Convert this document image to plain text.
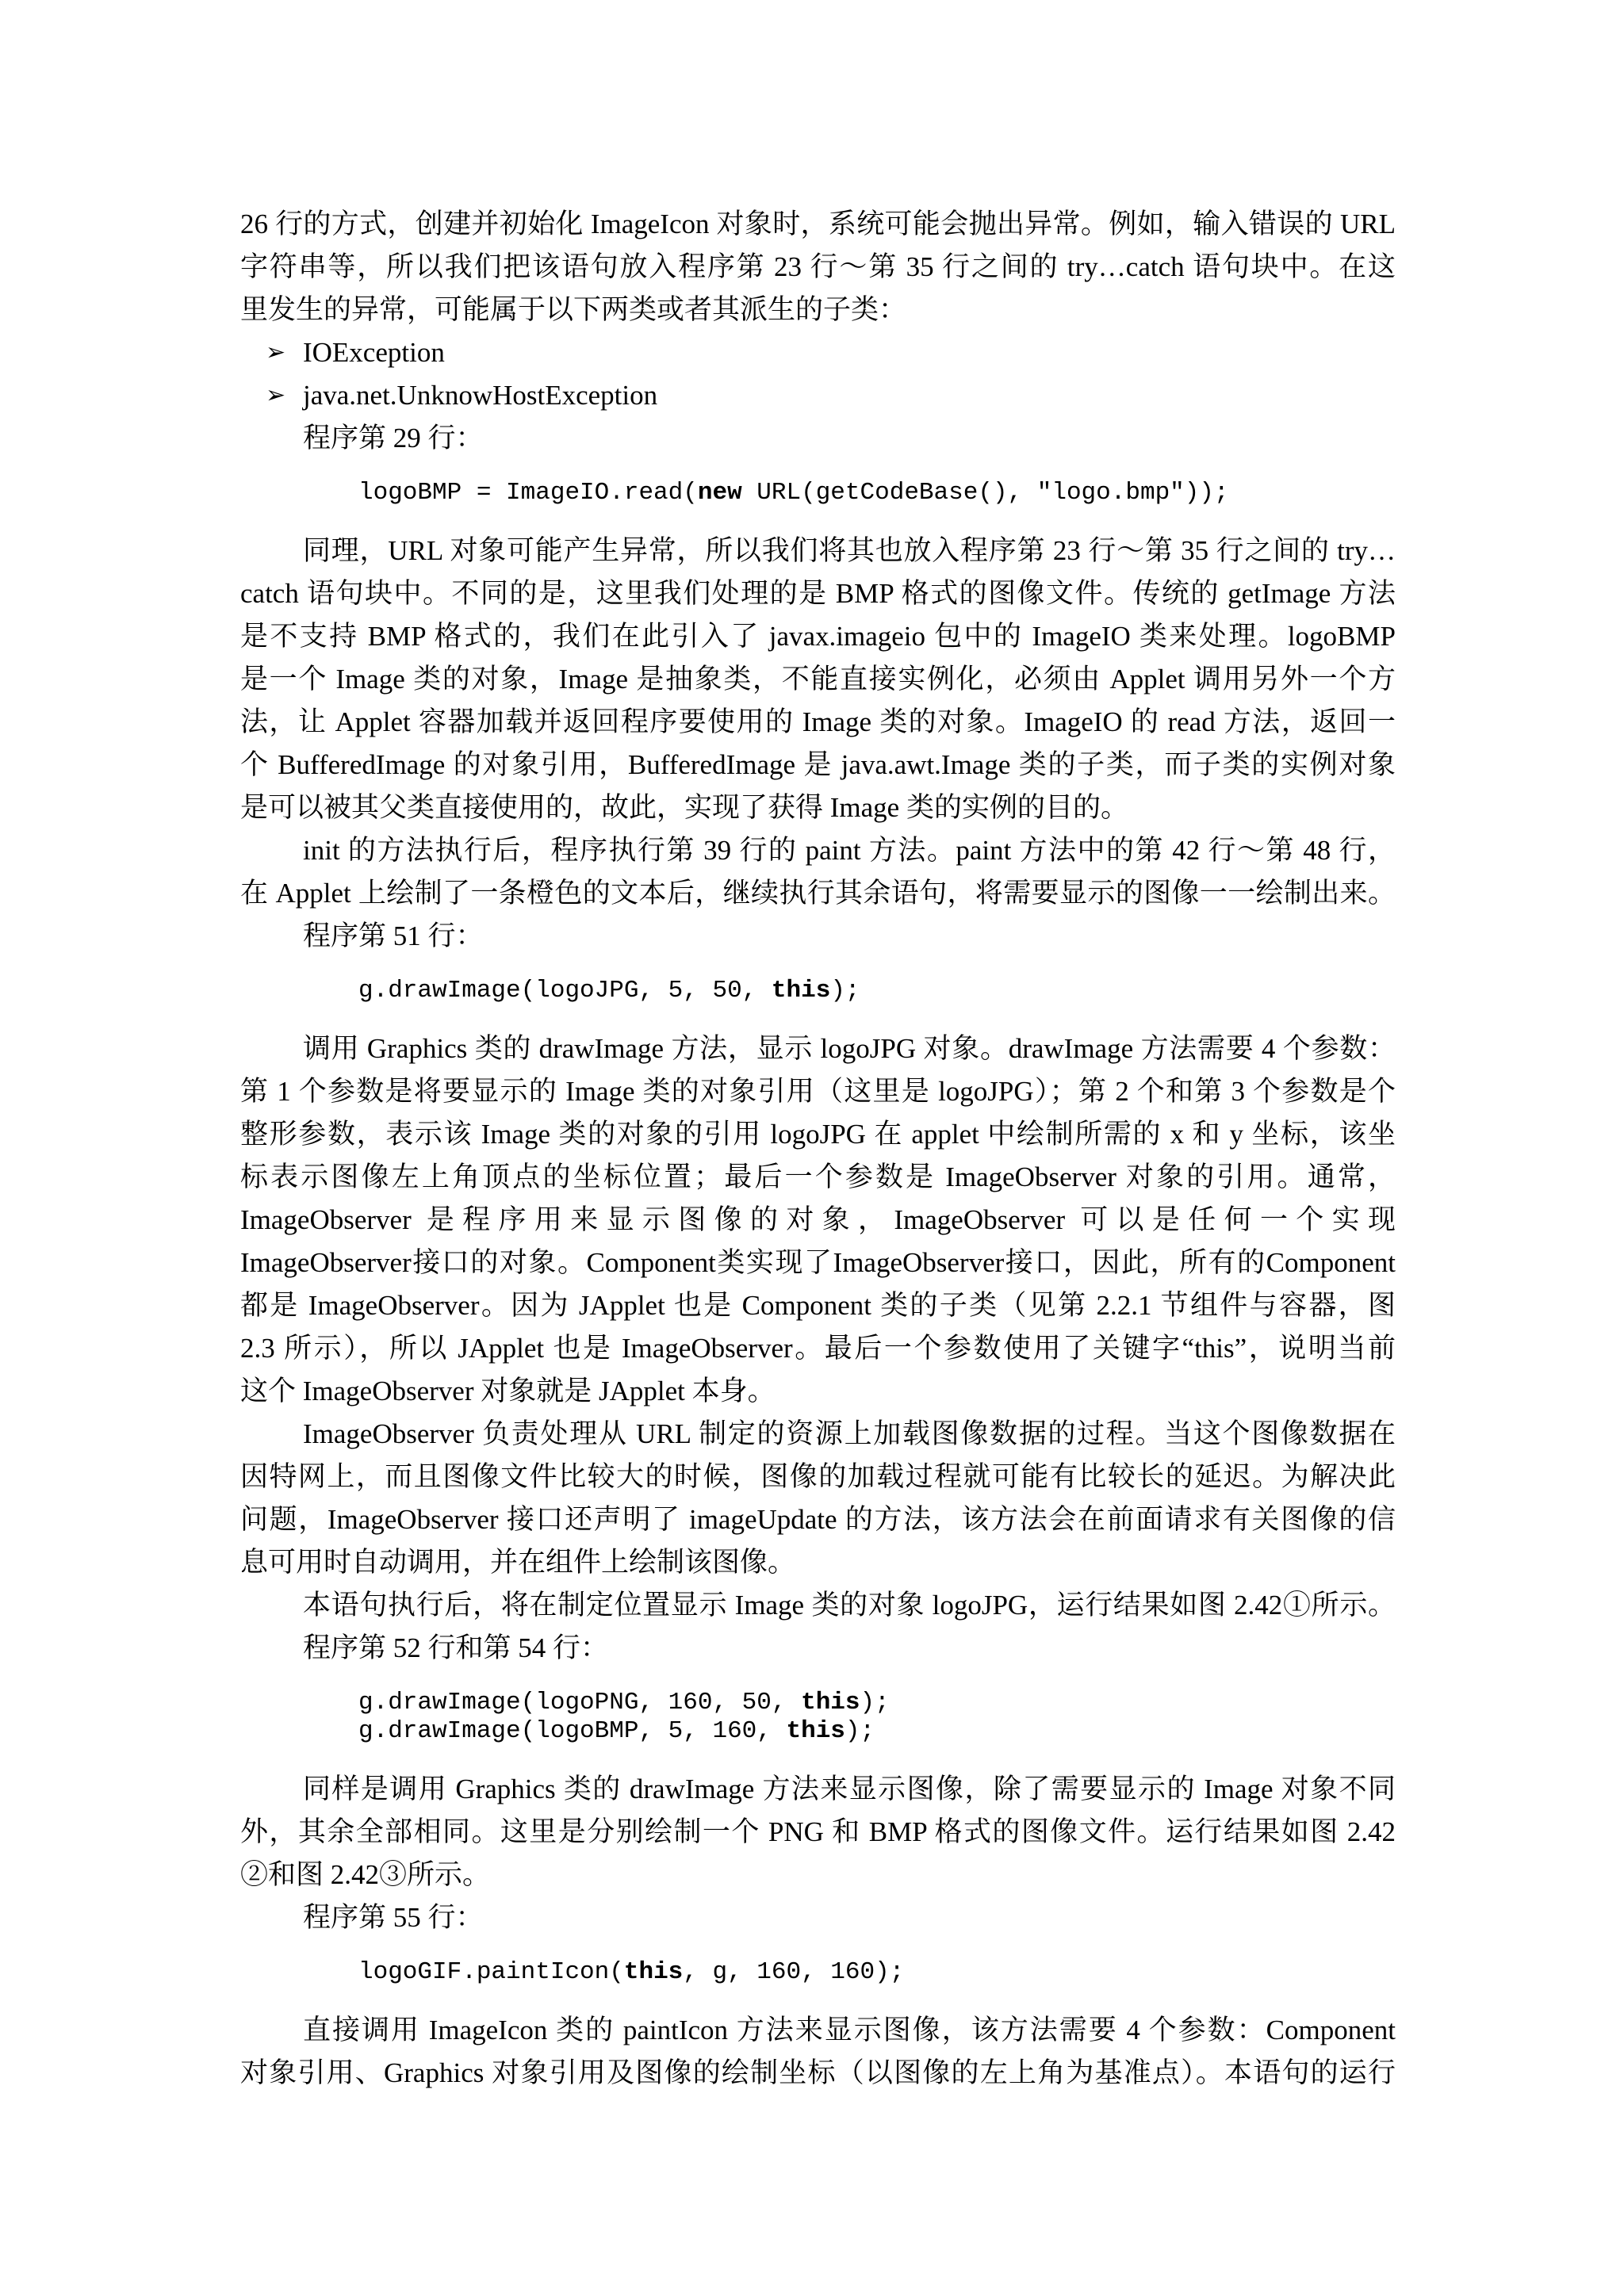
26 行的方式，创建并初始化 ImageIcon 对象时，系统可能会抛出异常。例如，输入错误的 URL
字符串等，所以我们把该语句放入程序第 23 行～第 35 行之间的 try…catch 语句块中。在这
里发生的异常，可能属于以下两类或者其派生的子类：
➢ IOException
➢ java.net.UnknowHostException
程序第 29 行：
logoBMP = ImageIO.read(new URL(getCodeBase(), "logo.bmp"));
同理，URL 对象可能产生异常，所以我们将其也放入程序第 23 行～第 35 行之间的 try…
catch 语句块中。不同的是，这里我们处理的是 BMP 格式的图像文件。传统的 getImage 方法
是不支持 BMP 格式的，我们在此引入了 javax.imageio 包中的 ImageIO 类来处理。logoBMP
是一个 Image 类的对象，Image 是抽象类，不能直接实例化，必须由 Applet 调用另外一个方
法，让 Applet 容器加载并返回程序要使用的 Image 类的对象。ImageIO 的 read 方法，返回一
个 BufferedImage 的对象引用，BufferedImage 是 java.awt.Image 类的子类，而子类的实例对象
是可以被其父类直接使用的，故此，实现了获得 Image 类的实例的目的。
init 的方法执行后，程序执行第 39 行的 paint 方法。paint 方法中的第 42 行～第 48 行，
在 Applet 上绘制了一条橙色的文本后，继续执行其余语句，将需要显示的图像一一绘制出来。
程序第 51 行：
g.drawImage(logoJPG, 5, 50, this);
调用 Graphics 类的 drawImage 方法，显示 logoJPG 对象。drawImage 方法需要 4 个参数：
第 1 个参数是将要显示的 Image 类的对象引用（这里是 logoJPG）；第 2 个和第 3 个参数是个
整形参数，表示该 Image 类的对象的引用 logoJPG 在 applet 中绘制所需的 x 和 y 坐标，该坐
标表示图像左上角顶点的坐标位置；最后一个参数是 ImageObserver 对象的引用。通常，
ImageObserver 是程序用来显示图像的对象，ImageObserver 可以是任何一个实现
ImageObserver接口的对象。Component类实现了ImageObserver接口，因此，所有的Component
都是 ImageObserver。因为 JApplet 也是 Component 类的子类（见第 2.2.1 节组件与容器，图
2.3 所示），所以 JApplet 也是 ImageObserver。最后一个参数使用了关键字“this”，说明当前
这个 ImageObserver 对象就是 JApplet 本身。
ImageObserver 负责处理从 URL 制定的资源上加载图像数据的过程。当这个图像数据在
因特网上，而且图像文件比较大的时候，图像的加载过程就可能有比较长的延迟。为解决此
问题，ImageObserver 接口还声明了 imageUpdate 的方法，该方法会在前面请求有关图像的信
息可用时自动调用，并在组件上绘制该图像。
本语句执行后，将在制定位置显示 Image 类的对象 logoJPG，运行结果如图 2.42①所示。
程序第 52 行和第 54 行：
g.drawImage(logoPNG, 160, 50, this);
g.drawImage(logoBMP, 5, 160, this);
同样是调用 Graphics 类的 drawImage 方法来显示图像，除了需要显示的 Image 对象不同
外，其余全部相同。这里是分别绘制一个 PNG 和 BMP 格式的图像文件。运行结果如图 2.42
②和图 2.42③所示。
程序第 55 行：
logoGIF.paintIcon(this, g, 160, 160);
直接调用 ImageIcon 类的 paintIcon 方法来显示图像，该方法需要 4 个参数：Component
对象引用、Graphics 对象引用及图像的绘制坐标（以图像的左上角为基准点）。本语句的运行
